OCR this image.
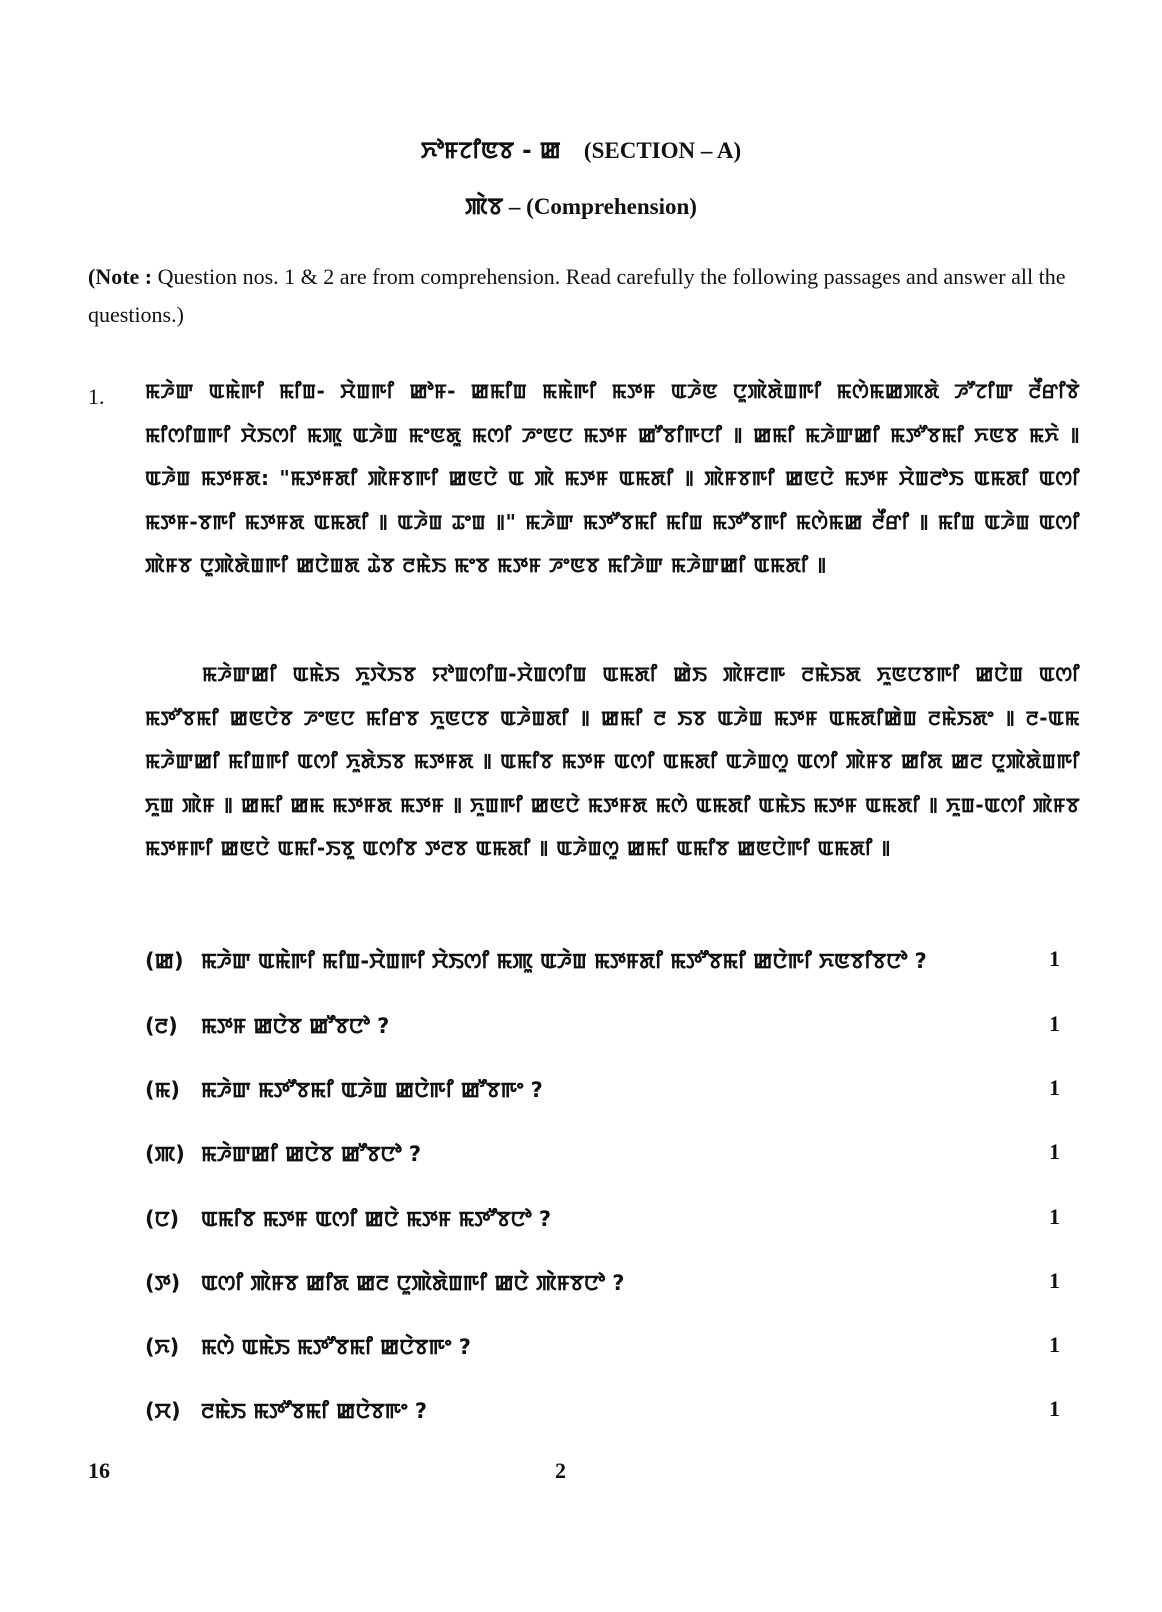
ꯈꯣꯝꯖꯤꯟꯕ - ꯀ (SECTION – A)
ꯄꯥꯕ – (Comprehension)
(Note : Question nos. 1 & 2 are from comprehension. Read carefully the following passages and answer all the questions.)
1. ꯃꯍꯥꯛ ꯑꯃꯥꯒꯤ ꯃꯤꯡ- ꯆꯥꯡꯒꯤ ꯀꯣꯝ- ꯀꯃꯤꯡ ꯃꯃꯥꯒꯤ ꯃꯇꯝ ꯑꯍꯥꯟ ꯅꯨꯄꯥꯗꯥꯡꯒꯤ ꯃꯁꯥꯃꯀꯄꯗꯥ ꯍꯧꯖꯤꯛ ꯂꯩꯔꯤꯕꯥ ꯃꯤꯁꯤꯡꯒꯤ ꯆꯥꯏꯁꯤ ꯃꯄꯨ ꯑꯍꯥꯡ ꯃꯦꯟꯗꯨ ꯃꯁꯤ ꯍꯦꯟꯅ ꯃꯇꯝ ꯀꯧꯕꯤꯒꯅꯤ ꯫ ꯀꯃꯤ ꯃꯍꯥꯛꯀꯤ ꯃꯇꯧꯕꯃꯤ ꯈꯟꯕ ꯃꯈꯥ ꯫ ꯑꯍꯥꯡ ꯃꯇꯝꯗ: "ꯃꯇꯝꯗꯤ ꯄꯥꯝꯕꯒꯤ ꯀꯟꯅꯥ ꯑ ꯄꯥ ꯃꯇꯝ ꯑꯃꯗꯤ ꯫ ꯄꯥꯝꯕꯒꯤ ꯀꯟꯅꯥ ꯃꯇꯝ ꯆꯥꯡꯂꯣꯏ ꯑꯃꯗꯤ ꯑꯁꯤ ꯃꯇꯝ-ꯕꯒꯤ ꯃꯇꯝꯗ ꯑꯃꯗꯤ ꯫ ꯑꯍꯥꯡ ꯊꯦꯡ ꯫" ꯃꯍꯥꯛ ꯃꯇꯧꯕꯃꯤ ꯃꯤꯡ ꯃꯇꯧꯕꯒꯤ ꯃꯁꯥꯃꯀ ꯂꯩꯔꯤ ꯫ ꯃꯤꯡ ꯑꯍꯥꯡ ꯑꯁꯤ ꯄꯥꯝꯕ ꯅꯨꯄꯥꯗꯥꯡꯒꯤ ꯀꯅꯥꯡꯗ ꯊꯥꯕ ꯂꯃꯥꯏ ꯃꯦꯕ ꯃꯇꯝ ꯍꯦꯟꯕ ꯃꯤꯍꯥꯛ ꯃꯍꯥꯛꯀꯤ ꯑꯃꯗꯤ ꯫
ꯃꯍꯥꯛꯀꯤ ꯑꯃꯥꯏ ꯈꯨꯋꯥꯏꯕ ꯌꯣꯡꯁꯤꯡ-ꯆꯥꯡꯁꯤꯡ ꯑꯃꯗꯤ ꯀꯥꯏ ꯄꯥꯝꯂꯒ ꯂꯃꯥꯏꯗ ꯈꯨꯟꯅꯕꯒꯤ ꯀꯅꯥꯡ ꯑꯁꯤ ꯃꯇꯧꯕꯃꯤ ꯀꯟꯅꯥꯕ ꯍꯦꯟꯅ ꯃꯤꯔꯕ ꯈꯨꯟꯅꯕ ꯑꯍꯥꯡꯗꯤ ꯫ ꯀꯃꯤ ꯂ ꯏꯕ ꯑꯍꯥꯡ ꯃꯇꯝ ꯑꯃꯗꯤꯀꯥꯡ ꯂꯃꯥꯏꯗꯦ ꯫ ꯂ-ꯑꯃ ꯃꯍꯥꯛꯀꯤ ꯃꯤꯡꯒꯤ ꯑꯁꯤ ꯈꯨꯗꯥꯏꯕ ꯃꯇꯝꯗ ꯫ ꯑꯃꯤꯕ ꯃꯇꯝ ꯑꯁꯤ ꯑꯃꯗꯤ ꯑꯍꯥꯡꯁꯨ ꯑꯁꯤ ꯄꯥꯝꯕ ꯀꯤꯗ ꯀꯂ ꯅꯨꯄꯥꯗꯥꯡꯒꯤ ꯈꯨꯡ ꯄꯥꯝ ꯫ ꯀꯃꯤ ꯀꯃ ꯃꯇꯝꯗ ꯃꯇꯝ ꯫ ꯈꯨꯡꯒꯤ ꯀꯟꯅꯥ ꯃꯇꯝꯗ ꯃꯁꯥ ꯑꯃꯗꯤ ꯑꯃꯥꯏ ꯃꯇꯝ ꯑꯃꯗꯤ ꯫ ꯈꯨꯡ-ꯑꯁꯤ ꯄꯥꯝꯕ ꯃꯇꯝꯒꯤ ꯀꯟꯅꯥ ꯑꯃꯤ-ꯏꯕꯨ ꯑꯁꯤꯕ ꯇꯂꯕ ꯑꯃꯗꯤ ꯫ ꯑꯍꯥꯡꯁꯨ ꯀꯃꯤ ꯑꯃꯤꯕ ꯀꯟꯅꯥꯒꯤ ꯑꯃꯗꯤ ꯫
(ꯀ) ꯃꯍꯥꯛ ꯑꯃꯥꯒꯤ ꯃꯤꯡ-ꯆꯥꯡꯒꯤ ꯆꯥꯏꯁꯤ ꯃꯄꯨ ꯑꯍꯥꯡ ꯃꯇꯝꯗꯤ ꯃꯇꯧꯕꯃꯤ ꯀꯅꯥꯒꯤ ꯈꯟꯕꯤꯕꯅꯣ ?	1
(ꯂ) ꯃꯇꯝ ꯀꯅꯥꯕ ꯀꯧꯕꯅꯣ ?	1
(ꯃ) ꯃꯍꯥꯛ ꯃꯇꯧꯕꯃꯤ ꯑꯍꯥꯡ ꯀꯅꯥꯒꯤ ꯀꯧꯕꯒꯦ ?	1
(ꯄ) ꯃꯍꯥꯛꯀꯤ ꯀꯅꯥꯕ ꯀꯧꯕꯅꯣ ?	1
(ꯅ) ꯑꯃꯤꯕ ꯃꯇꯝ ꯑꯁꯤ ꯀꯅꯥ ꯃꯇꯝ ꯃꯇꯧꯕꯅꯣ ?	1
(ꯇ) ꯑꯁꯤ ꯄꯥꯝꯕ ꯀꯤꯗ ꯀꯂ ꯅꯨꯄꯥꯗꯥꯡꯒꯤ ꯀꯅꯥ ꯄꯥꯝꯕꯅꯣ ?	1
(ꯈ) ꯃꯁꯥ ꯑꯃꯥꯏ ꯃꯇꯧꯕꯃꯤ ꯀꯅꯥꯕꯒꯦ ?	1
(ꯆ) ꯂꯃꯥꯏ ꯃꯇꯧꯕꯃꯤ ꯀꯅꯥꯕꯒꯦ ?	1
16	2
